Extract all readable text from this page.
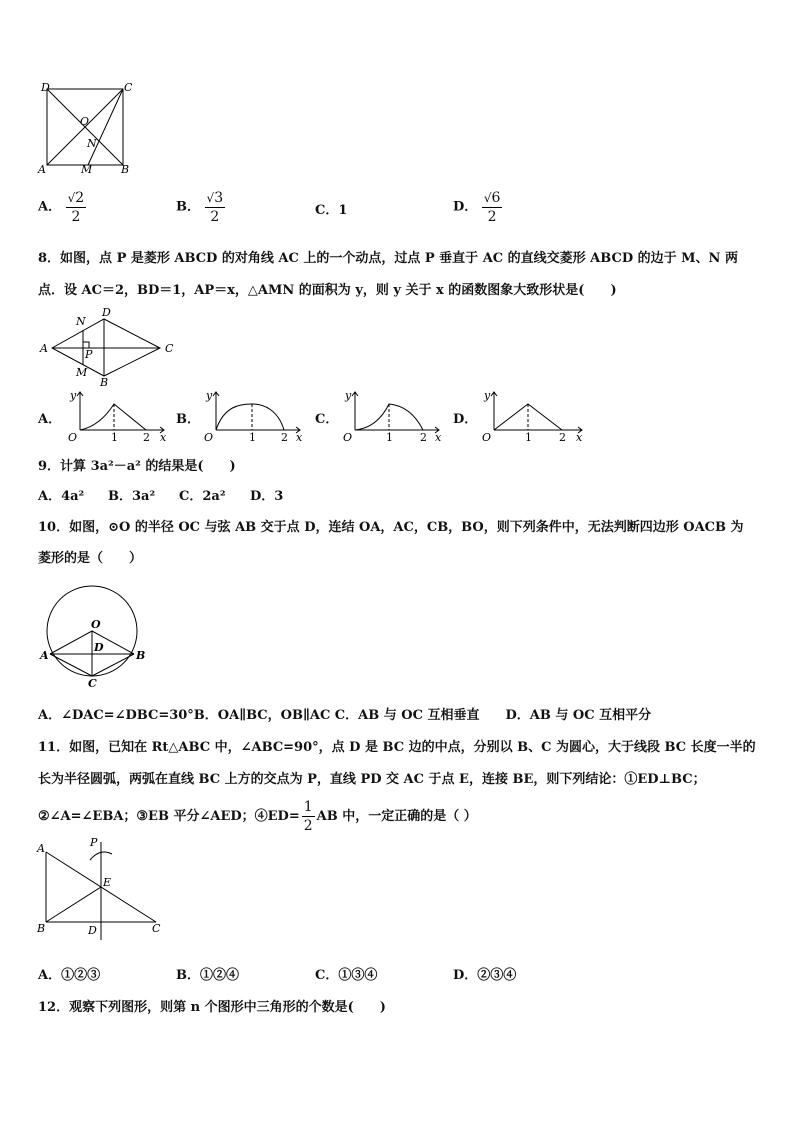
D	C
O
N
A	M	B
A． $\frac{√2}{2}$	B． $\frac{√3}{2}$	C．1	D． $\frac{√6}{2}$
8．如图，点 P 是菱形 ABCD 的对角线 AC 上的一个动点，过点 P 垂直于 AC 的直线交菱形 ABCD 的边于 M、N 两
点．设 AC＝2，BD＝1，AP＝x，△AMN 的面积为 y，则 y 关于 x 的函数图象大致形状是(　　)
A
N
D
P	C
M
B
A．	B．	C．	D．
y
O	1 2 x
y
O	1 2 x
y
O	1 2 x
y
O	1 2 x
9．计算 3a²－a² 的结果是(　　)
A．4a² B．3a² C．2a² D．3
10．如图，⊙O 的半径 OC 与弦 AB 交于点 D，连结 OA，AC，CB，BO，则下列条件中，无法判断四边形 OACB 为
菱形的是（　　）
O
D
A	B
C
A．∠DAC=∠DBC=30°B．OA∥BC，OB∥AC C．AB 与 OC 互相垂直　　D．AB 与 OC 互相平分
11．如图，已知在 Rt△ABC 中，∠ABC=90°，点 D 是 BC 边的中点，分别以 B、C 为圆心，大于线段 BC 长度一半的
长为半径圆弧，两弧在直线 BC 上方的交点为 P，直线 PD 交 AC 于点 E，连接 BE，则下列结论：①ED⊥BC；
②∠A=∠EBA；③EB 平分∠AED；④ED= $\frac{1}{2}$ AB 中，一定正确的是（ ）
A	P
E
B	D	C
A．①②③	B．①②④	C．①③④	D．②③④
12．观察下列图形，则第 n 个图形中三角形的个数是(　　)
